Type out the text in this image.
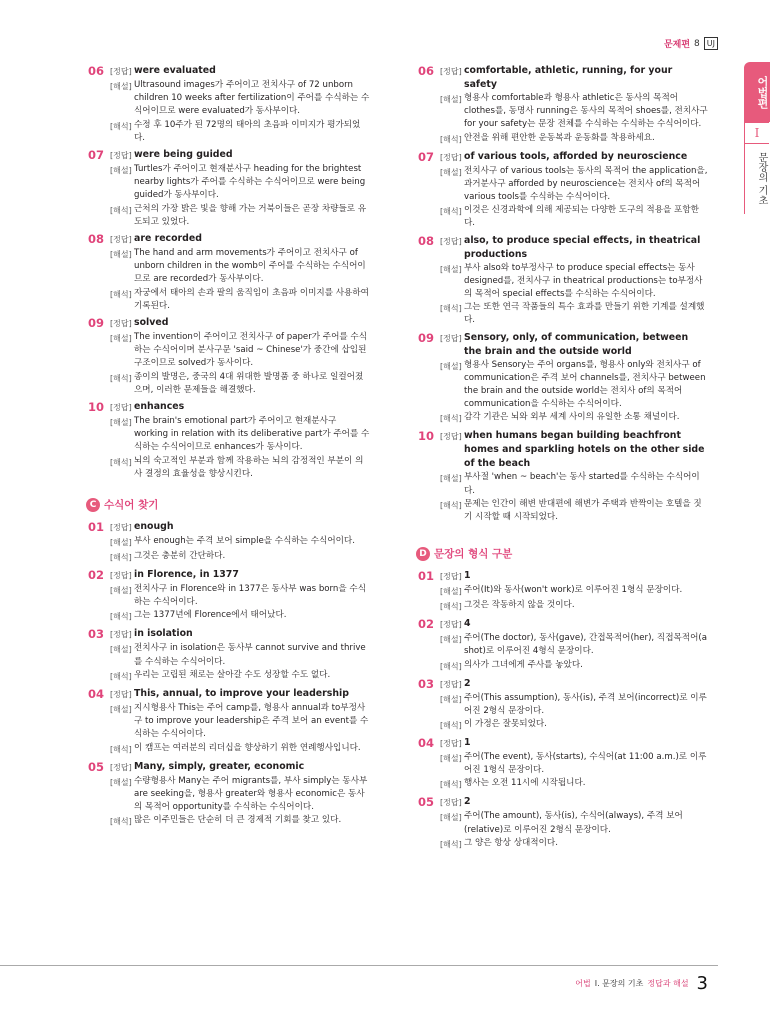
문제편 8 UJ
어법편
I
문장의 기초
06 [정답] were evaluated
[해설] Ultrasound images가 주어이고 전치사구 of 72 unborn children 10 weeks after fertilization이 주어를 수식하는 수식어이므로 were evaluated가 동사부이다.
[해석] 수정 후 10주가 된 72명의 태아의 초음파 이미지가 평가되었다.
07 [정답] were being guided
[해설] Turtles가 주어이고 현재분사구 heading for the brightest nearby lights가 주어를 수식하는 수식어이므로 were being guided가 동사부이다.
[해석] 근처의 가장 밝은 빛을 향해 가는 거북이들은 곧장 차량들로 유도되고 있었다.
08 [정답] are recorded
[해설] The hand and arm movements가 주어이고 전치사구 of unborn children in the womb이 주어를 수식하는 수식어이므로 are recorded가 동사부이다.
[해석] 자궁에서 태아의 손과 팔의 움직임이 초음파 이미지를 사용하여 기록된다.
09 [정답] solved
[해설] The invention이 주어이고 전치사구 of paper가 주어를 수식하는 수식어이며 분사구문 'said ~ Chinese'가 중간에 삽입된 구조이므로 solved가 동사이다.
[해석] 종이의 발명은, 중국의 4대 위대한 발명품 중 하나로 일컬어졌으며, 이러한 문제들을 해결했다.
10 [정답] enhances
[해설] The brain's emotional part가 주어이고 현재분사구 working in relation with its deliberative part가 주어를 수식하는 수식어이므로 enhances가 동사이다.
[해석] 뇌의 숙고적인 부분과 함께 작용하는 뇌의 감정적인 부분이 의사 결정의 효율성을 향상시킨다.
C 수식어 찾기
01 [정답] enough
[해설] 부사 enough는 주격 보어 simple을 수식하는 수식어이다.
[해석] 그것은 충분히 간단하다.
02 [정답] in Florence, in 1377
[해설] 전치사구 in Florence와 in 1377은 동사부 was born을 수식하는 수식어이다.
[해석] 그는 1377년에 Florence에서 태어났다.
03 [정답] in isolation
[해설] 전치사구 in isolation은 동사부 cannot survive and thrive를 수식하는 수식어이다.
[해석] 우리는 고립된 채로는 살아갈 수도 성장할 수도 없다.
04 [정답] This, annual, to improve your leadership
[해설] 지시형용사 This는 주어 camp를, 형용사 annual과 to부정사구 to improve your leadership은 주격 보어 an event를 수식하는 수식어이다.
[해석] 이 캠프는 여러분의 리더십을 향상하기 위한 연례행사입니다.
05 [정답] Many, simply, greater, economic
[해설] 수량형용사 Many는 주어 migrants를, 부사 simply는 동사부 are seeking을, 형용사 greater와 형용사 economic은 동사의 목적어 opportunity를 수식하는 수식어이다.
[해석] 많은 이주민들은 단순히 더 큰 경제적 기회를 찾고 있다.
06 [정답] comfortable, athletic, running, for your safety
[해설] 형용사 comfortable과 형용사 athletic은 동사의 목적어 clothes를, 동명사 running은 동사의 목적어 shoes를, 전치사구 for your safety는 문장 전체를 수식하는 수식하는 수식어이다.
[해석] 안전을 위해 편안한 운동복과 운동화를 착용하세요.
07 [정답] of various tools, afforded by neuroscience
[해설] 전치사구 of various tools는 동사의 목적어 the application을, 과거분사구 afforded by neuroscience는 전치사 of의 목적어 various tools를 수식하는 수식어이다.
[해석] 이것은 신경과학에 의해 제공되는 다양한 도구의 적용을 포함한다.
08 [정답] also, to produce special effects, in theatrical productions
[해설] 부사 also와 to부정사구 to produce special effects는 동사 designed를, 전치사구 in theatrical productions는 to부정사의 목적어 special effects를 수식하는 수식어이다.
[해석] 그는 또한 연극 작품들의 특수 효과를 만들기 위한 기계를 설계했다.
09 [정답] Sensory, only, of communication, between the brain and the outside world
[해설] 형용사 Sensory는 주어 organs를, 형용사 only와 전치사구 of communication은 주격 보어 channels를, 전치사구 between the brain and the outside world는 전치사 of의 목적어 communication을 수식하는 수식어이다.
[해석] 감각 기관은 뇌와 외부 세계 사이의 유일한 소통 채널이다.
10 [정답] when humans began building beachfront homes and sparkling hotels on the other side of the beach
[해설] 부사절 'when ~ beach'는 동사 started를 수식하는 수식어이다.
[해석] 문제는 인간이 해변 반대편에 해변가 주택과 반짝이는 호텔을 짓기 시작할 때 시작되었다.
D 문장의 형식 구분
01 [정답] 1
[해설] 주어(It)와 동사(won't work)로 이루어진 1형식 문장이다.
[해석] 그것은 작동하지 않을 것이다.
02 [정답] 4
[해설] 주어(The doctor), 동사(gave), 간접목적어(her), 직접목적어(a shot)로 이루어진 4형식 문장이다.
[해석] 의사가 그녀에게 주사를 놓았다.
03 [정답] 2
[해설] 주어(This assumption), 동사(is), 주격 보어(incorrect)로 이루어진 2형식 문장이다.
[해석] 이 가정은 잘못되었다.
04 [정답] 1
[해설] 주어(The event), 동사(starts), 수식어(at 11:00 a.m.)로 이루어진 1형식 문장이다.
[해석] 행사는 오전 11시에 시작됩니다.
05 [정답] 2
[해설] 주어(The amount), 동사(is), 수식어(always), 주격 보어(relative)로 이루어진 2형식 문장이다.
[해석] 그 양은 항상 상대적이다.
어법 I. 문장의 기초 정답과 해설 3
